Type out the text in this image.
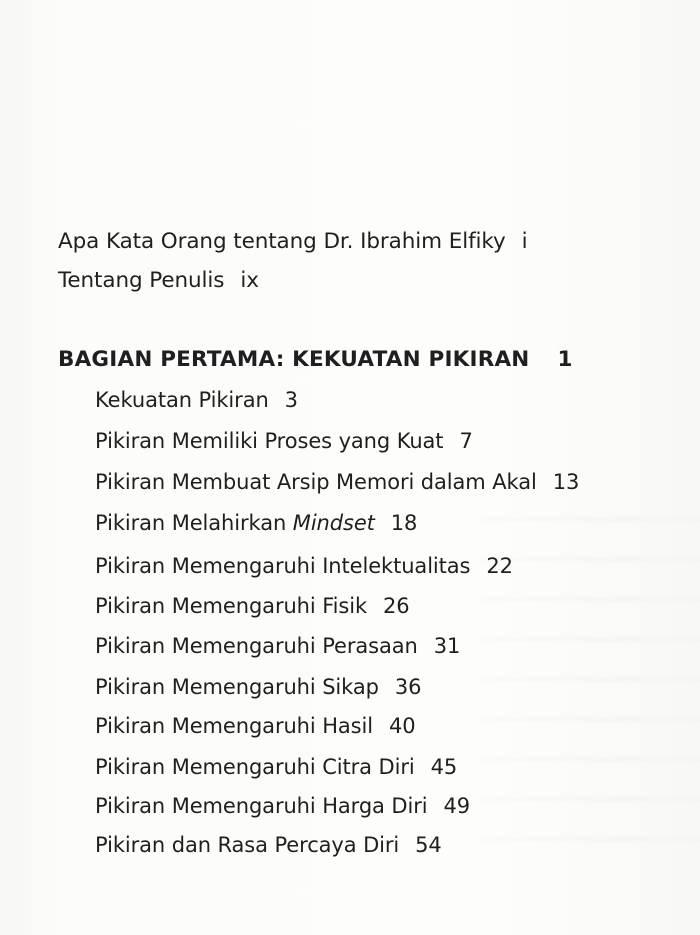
Apa Kata Orang tentang Dr. Ibrahim Elfiky i
Tentang Penulis ix
BAGIAN PERTAMA: KEKUATAN PIKIRAN 1
Kekuatan Pikiran 3
Pikiran Memiliki Proses yang Kuat 7
Pikiran Membuat Arsip Memori dalam Akal 13
Pikiran Melahirkan Mindset 18
Pikiran Memengaruhi Intelektualitas 22
Pikiran Memengaruhi Fisik 26
Pikiran Memengaruhi Perasaan 31
Pikiran Memengaruhi Sikap 36
Pikiran Memengaruhi Hasil 40
Pikiran Memengaruhi Citra Diri 45
Pikiran Memengaruhi Harga Diri 49
Pikiran dan Rasa Percaya Diri 54
